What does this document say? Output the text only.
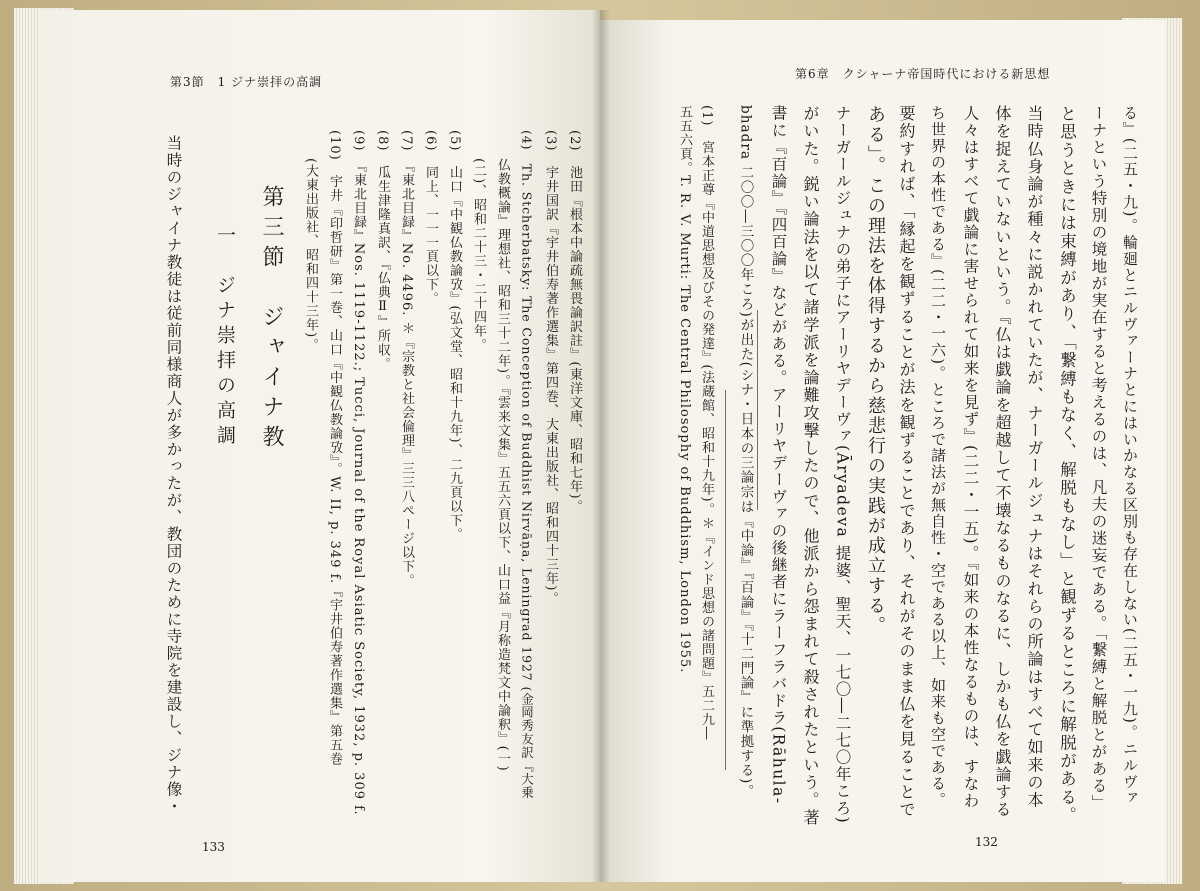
第3節　1 ジナ崇拝の高調
(2)　池田『根本中論疏無畏論訳註』(東洋文庫、昭和七年)。
(3)　宇井国訳『宇井伯寿著作選集』第四巻、大東出版社、昭和四十三年)。
(4)　Th. Stcherbatsky: The Conception of Buddhist Nirvāṇa, Leningrad 1927 (金岡秀友訳『大乗
　　仏教概論』理想社、昭和三十二年)。『雲来文集』五五六頁以下、山口益『月称造梵文中論釈』(一)
　　(二)、昭和二十三・二十四年。
(5)　山口『中観仏教論攷』(弘文堂、昭和十九年)、二九頁以下。
(6)　同上、一一一頁以下。
(7)　『東北目録』No. 4496. ＊『宗教と社会倫理』三三八ページ以下。
(8)　瓜生津隆真訳、『仏典Ⅱ』所収。
(9)　『東北目録』Nos. 1119-1122.; Tucci, Journal of the Royal Asiatic Society, 1932, p. 309 f.
(10)　宇井『印哲研』第一巻、山口『中観仏教論攷』。W. II, p. 349 f.『宇井伯寿著作選集』第五巻
　　(大東出版社、昭和四十三年)。
第三節　ジャイナ教
一　ジナ崇拝の高調
当時のジャイナ教徒は従前同様商人が多かったが、教団のために寺院を建設し、ジナ像・
133
第6章　クシャーナ帝国時代における新思想
る』(二五・九)。輪廻とニルヴァーナとにはいかなる区別も存在しない(二五・一九)。ニルヴァ
ーナという特別の境地が実在すると考えるのは、凡夫の迷妄である。「繋縛と解脱とがある」
と思うときには束縛があり、「繋縛もなく、解脱もなし」と観ずるところに解脱がある。
当時仏身論が種々に説かれていたが、ナーガールジュナはそれらの所論はすべて如来の本
体を捉えていないという。『仏は戯論を超越して不壊なるものなるに、しかも仏を戯論する
人々はすべて戯論に害せられて如来を見ず』(二二・一五)。『如来の本性なるものは、すなわ
ち世界の本性である』(二二・一六)。ところで諸法が無自性・空である以上、如来も空である。
要約すれば、「縁起を観ずることが法を観ずることであり、それがそのまま仏を見ることで
ある」。この理法を体得するから慈悲行の実践が成立する。
ナーガールジュナの弟子にアーリヤデーヴァ(Āryadeva 提婆、聖天、一七〇―二七〇年ころ)
がいた。鋭い論法を以て諸学派を論難攻撃したので、他派から怨まれて殺されたという。著
書に『百論』『四百論』などがある。アーリヤデーヴァの後継者にラーフラバドラ(Rāhula-
bhadra 二〇〇―三〇〇年ころ)が出た(シナ・日本の三論宗は『中論』『百論』『十二門論』に準拠する)。
(1)　宮本正尊『中道思想及びその発達』(法蔵館、昭和十九年)。＊『インド思想の諸問題』五二九―
五五六頁。T. R. V. Murti: The Central Philosophy of Buddhism, London 1955.
132
